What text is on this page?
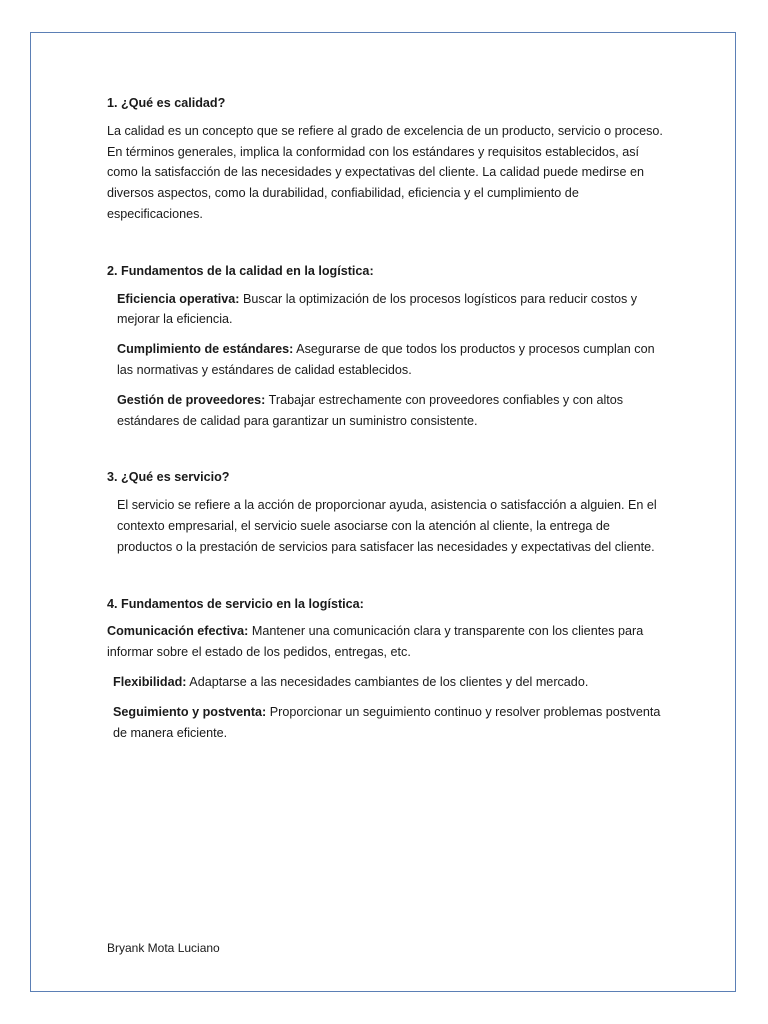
1. ¿Qué es calidad?

La calidad es un concepto que se refiere al grado de excelencia de un producto, servicio o proceso. En términos generales, implica la conformidad con los estándares y requisitos establecidos, así como la satisfacción de las necesidades y expectativas del cliente. La calidad puede medirse en diversos aspectos, como la durabilidad, confiabilidad, eficiencia y el cumplimiento de especificaciones.

2. Fundamentos de la calidad en la logística:

Eficiencia operativa: Buscar la optimización de los procesos logísticos para reducir costos y mejorar la eficiencia.

Cumplimiento de estándares: Asegurarse de que todos los productos y procesos cumplan con las normativas y estándares de calidad establecidos.

Gestión de proveedores: Trabajar estrechamente con proveedores confiables y con altos estándares de calidad para garantizar un suministro consistente.

3. ¿Qué es servicio?

El servicio se refiere a la acción de proporcionar ayuda, asistencia o satisfacción a alguien. En el contexto empresarial, el servicio suele asociarse con la atención al cliente, la entrega de productos o la prestación de servicios para satisfacer las necesidades y expectativas del cliente.

4. Fundamentos de servicio en la logística:

Comunicación efectiva: Mantener una comunicación clara y transparente con los clientes para informar sobre el estado de los pedidos, entregas, etc.

Flexibilidad: Adaptarse a las necesidades cambiantes de los clientes y del mercado.

Seguimiento y postventa: Proporcionar un seguimiento continuo y resolver problemas postventa de manera eficiente.

Bryank Mota Luciano
